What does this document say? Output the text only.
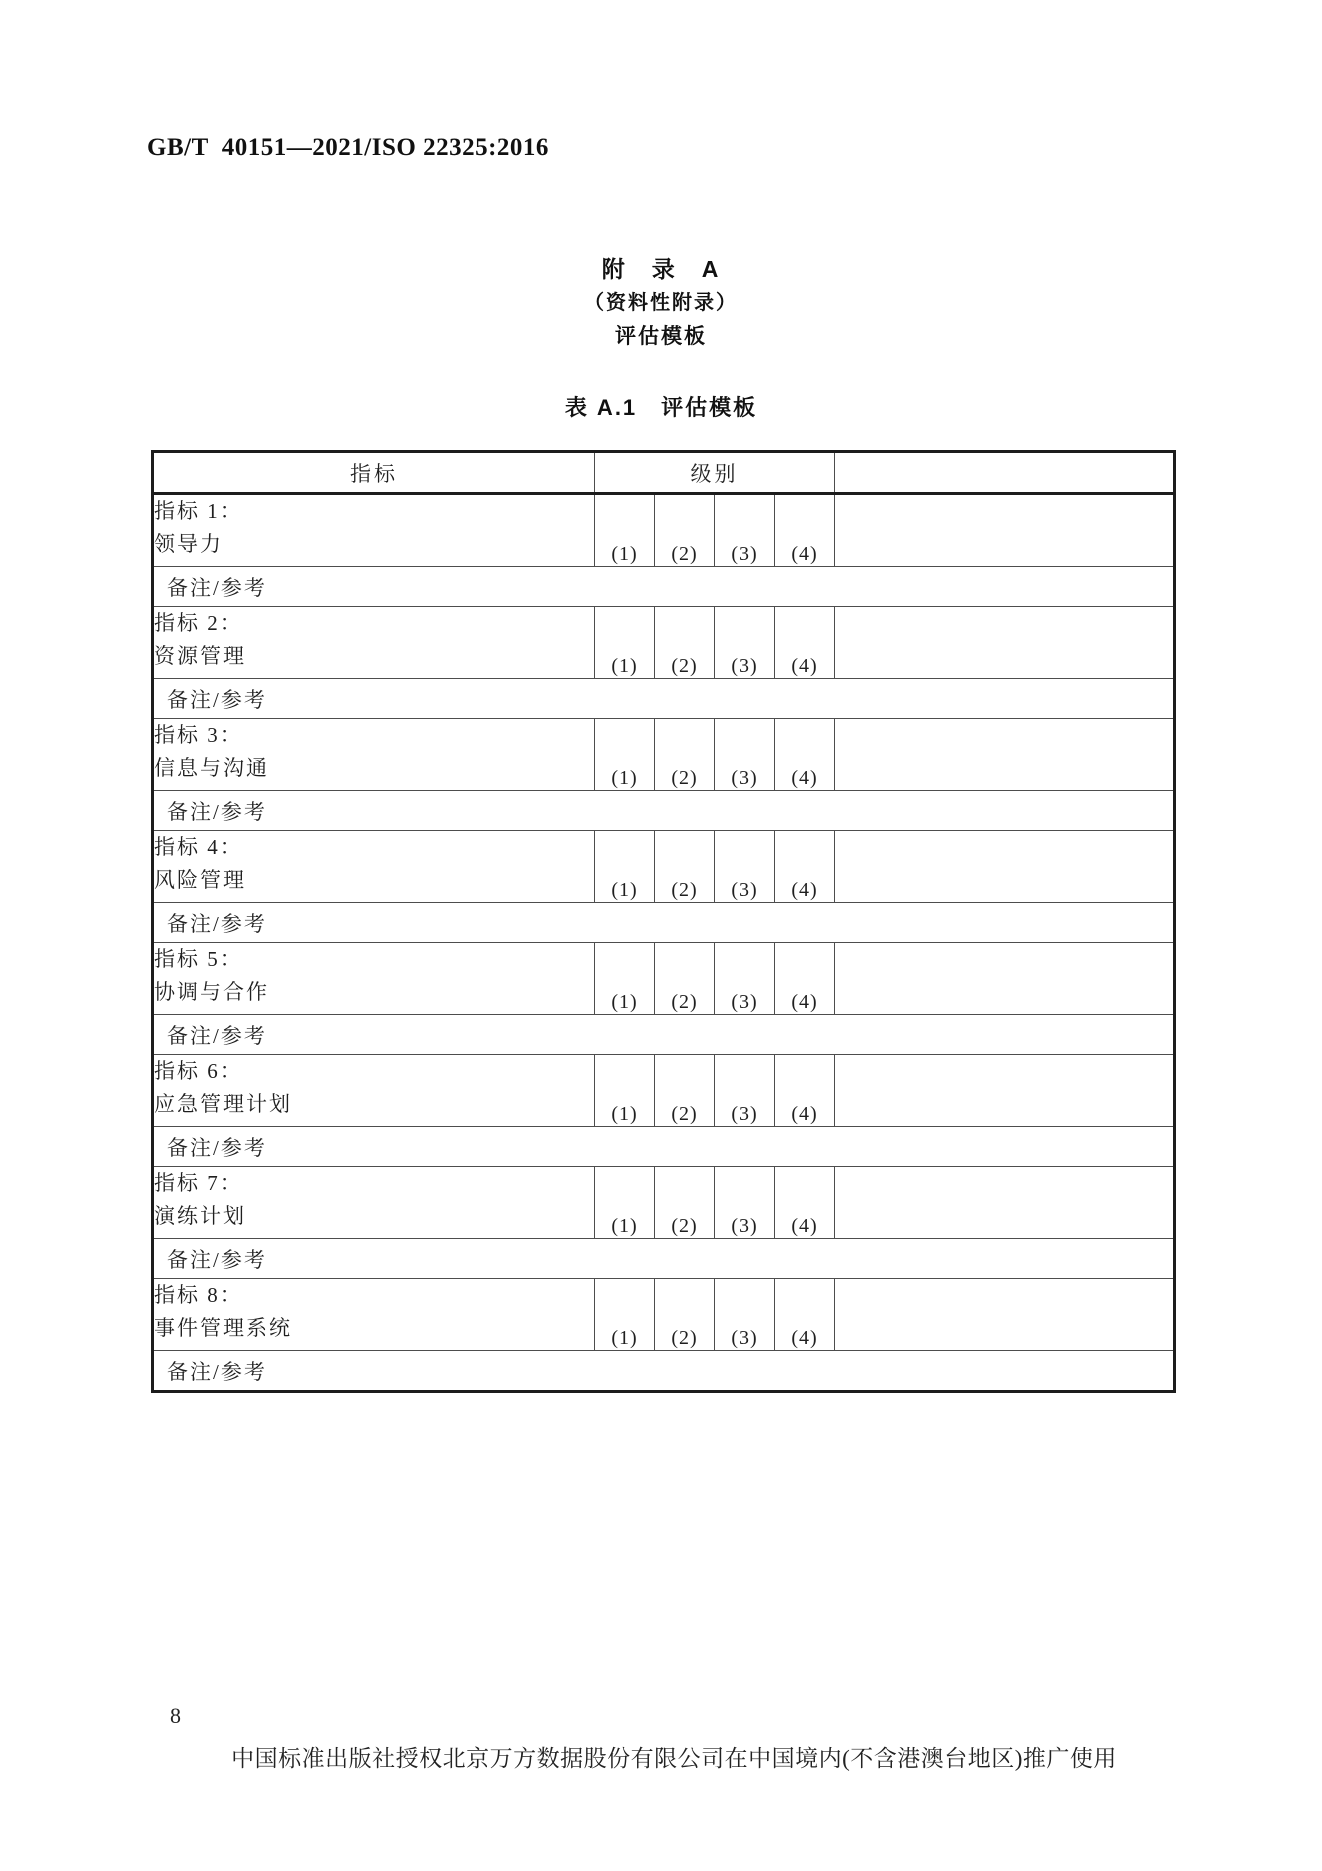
GB/T  40151—2021/ISO 22325:2016
附　录　A
（资料性附录）
评估模板
表 A.1　评估模板
指标	级别				

指标 1：
领导力	(1)	(2)	(3)	(4)	
备注/参考					

指标 2：
资源管理	(1)	(2)	(3)	(4)	
备注/参考					

指标 3：
信息与沟通	(1)	(2)	(3)	(4)	
备注/参考					

指标 4：
风险管理	(1)	(2)	(3)	(4)	
备注/参考					

指标 5：
协调与合作	(1)	(2)	(3)	(4)	
备注/参考					

指标 6：
应急管理计划	(1)	(2)	(3)	(4)	
备注/参考					

指标 7：
演练计划	(1)	(2)	(3)	(4)	
备注/参考					

指标 8：
事件管理系统	(1)	(2)	(3)	(4)	
备注/参考					
8
中国标准出版社授权北京万方数据股份有限公司在中国境内(不含港澳台地区)推广使用
